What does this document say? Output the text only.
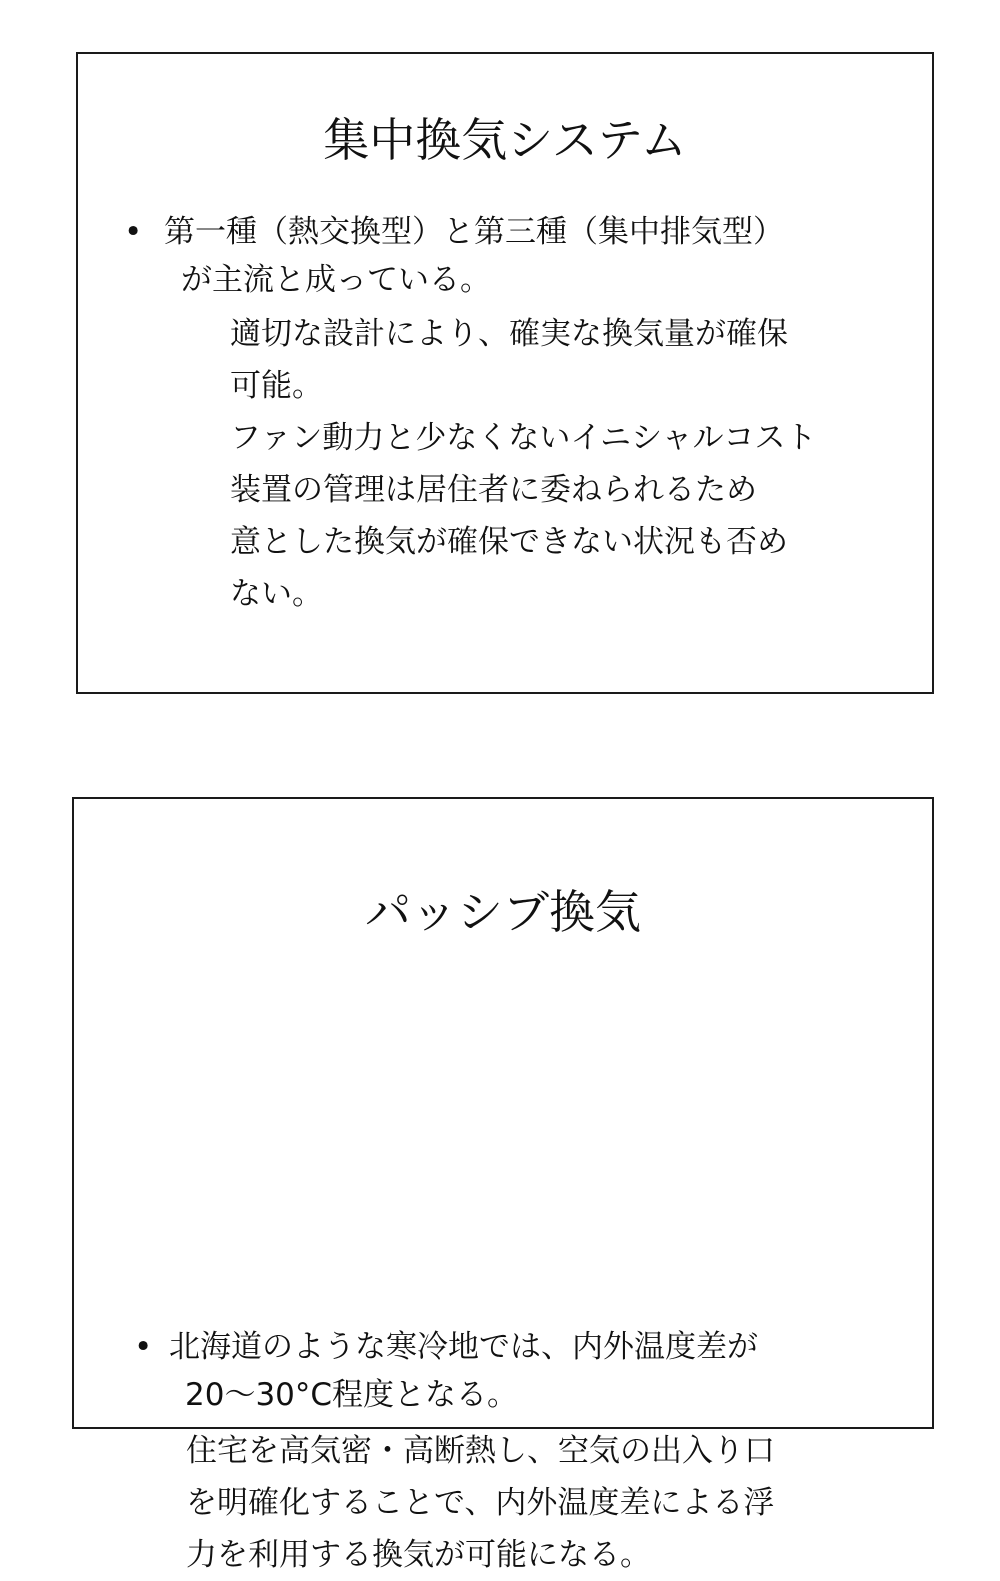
集中換気システム
• 第一種（熱交換型）と第三種（集中排気型）
が主流と成っている。
適切な設計により、確実な換気量が確保
可能。
ファン動力と少なくないイニシャルコスト
装置の管理は居住者に委ねられるため
意とした換気が確保できない状況も否め
ない。
パッシブ換気
• 北海道のような寒冷地では、内外温度差が
20〜30°C程度となる。
住宅を高気密・高断熱し、空気の出入り口
を明確化することで、内外温度差による浮
力を利用する換気が可能になる。
